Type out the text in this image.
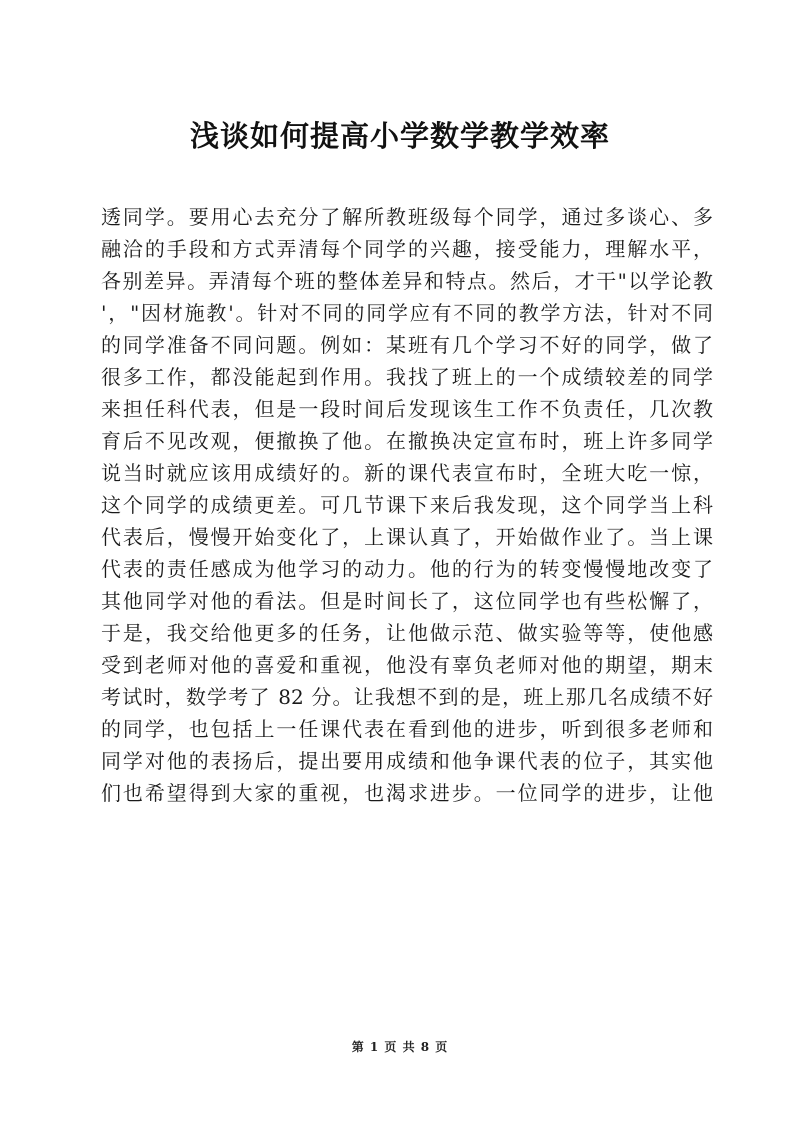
浅谈如何提高小学数学教学效率
透同学。要用心去充分了解所教班级每个同学，通过多谈心、多
融洽的手段和方式弄清每个同学的兴趣，接受能力，理解水平，
各别差异。弄清每个班的整体差异和特点。然后，才干"以学论教
'，"因材施教'。针对不同的同学应有不同的教学方法，针对不同
的同学准备不同问题。例如：某班有几个学习不好的同学，做了
很多工作，都没能起到作用。我找了班上的一个成绩较差的同学
来担任科代表，但是一段时间后发现该生工作不负责任，几次教
育后不见改观，便撤换了他。在撤换决定宣布时，班上许多同学
说当时就应该用成绩好的。新的课代表宣布时，全班大吃一惊，
这个同学的成绩更差。可几节课下来后我发现，这个同学当上科
代表后，慢慢开始变化了，上课认真了，开始做作业了。当上课
代表的责任感成为他学习的动力。他的行为的转变慢慢地改变了
其他同学对他的看法。但是时间长了，这位同学也有些松懈了，
于是，我交给他更多的任务，让他做示范、做实验等等，使他感
受到老师对他的喜爱和重视，他没有辜负老师对他的期望，期末
考试时，数学考了 82 分。让我想不到的是，班上那几名成绩不好
的同学，也包括上一任课代表在看到他的进步，听到很多老师和
同学对他的表扬后，提出要用成绩和他争课代表的位子，其实他
们也希望得到大家的重视，也渴求进步。一位同学的进步，让他
第 1 页 共 8 页
